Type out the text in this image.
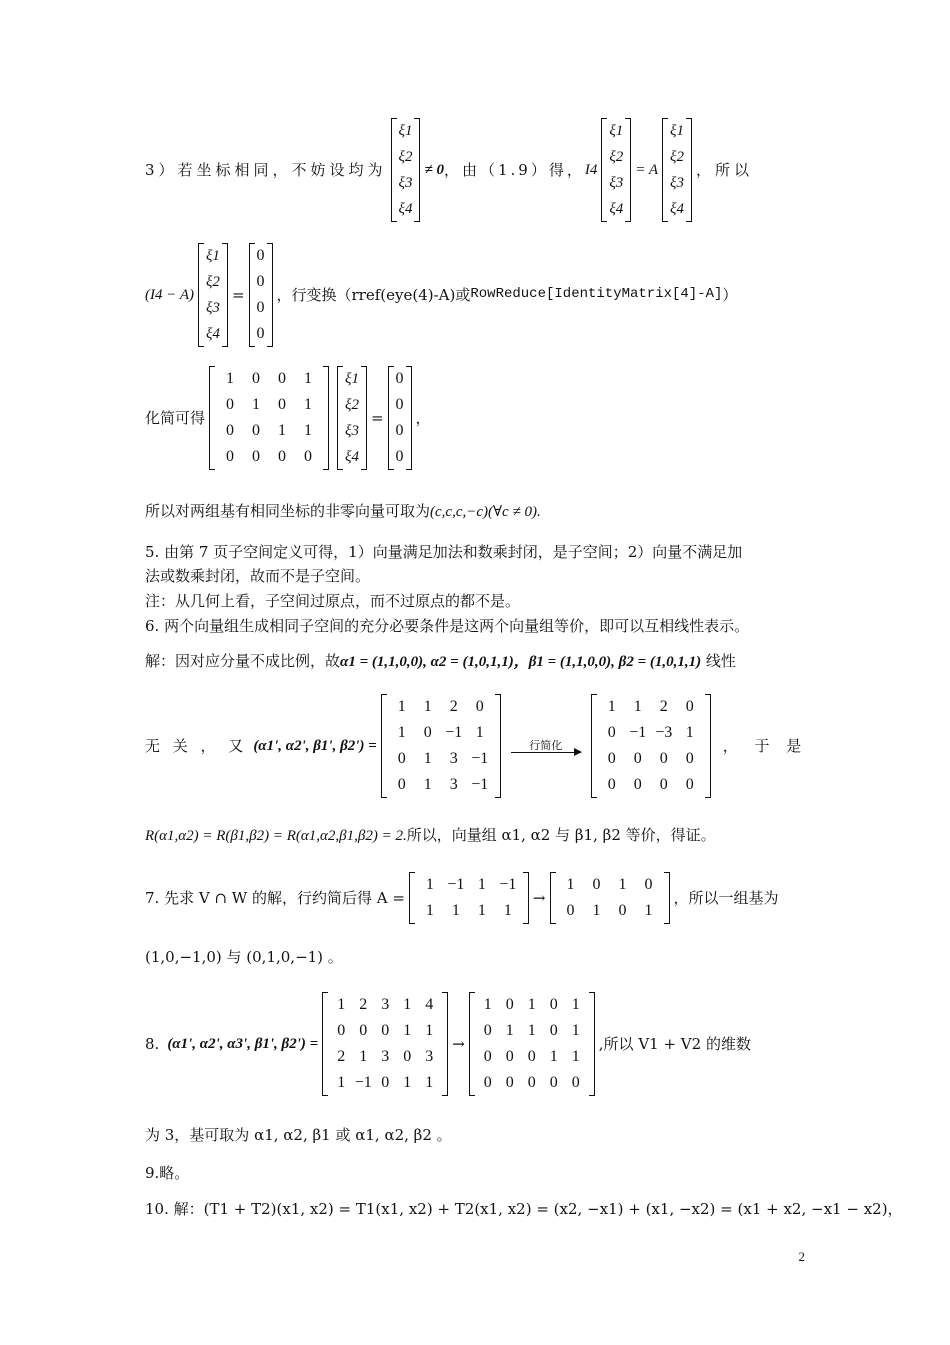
3）若坐标相同，不妨设均为
ξ1
ξ2
ξ3
ξ4
≠ 0 ，由（1.9）得， I4
ξ1
ξ2
ξ3
ξ4
= A
ξ1
ξ2
ξ3
ξ4
，所以
(I4 − A)
ξ1
ξ2
ξ3
ξ4
=
0
0
0
0
，行变换（rref(eye(4)-A)或 RowReduce[IdentityMatrix[4]-A] ）
化简可得
1 0 0 1
0 1 0 1
0 0 1 1
0 0 0 0
ξ1
ξ2
ξ3
ξ4
=
0
0
0
0
，
所以对两组基有相同坐标的非零向量可取为(c,c,c,−c)(∀c ≠ 0).
5. 由第 7 页子空间定义可得，1）向量满足加法和数乘封闭，是子空间；2）向量不满足加
法或数乘封闭，故而不是子空间。
注：从几何上看，子空间过原点，而不过原点的都不是。
6. 两个向量组生成相同子空间的充分必要条件是这两个向量组等价，即可以互相线性表示。
解：因对应分量不成比例，故α1 = (1,1,0,0), α2 = (1,0,1,1)，β1 = (1,1,0,0), β2 = (1,0,1,1) 线性
无 关 ， 又 (α1', α2', β1', β2') =
1 1 2 0
1 0 −1 1
0 1 3 −1
0 1 3 −1
行简化
1 1 2 0
0 −1 −3 1
0 0 0 0
0 0 0 0
， 于 是
R(α1,α2) = R(β1,β2) = R(α1,α2,β1,β2) = 2.所以，向量组 α1, α2 与 β1, β2 等价，得证。
7. 先求 V ∩ W 的解，行约简后得 A =
1 −1 1 −1
1 1 1 1
→
1 0 1 0
0 1 0 1
，所以一组基为
(1,0,−1,0) 与 (0,1,0,−1) 。
8. (α1', α2', α3', β1', β2') =
1 2 3 1 4
0 0 0 1 1
2 1 3 0 3
1 −1 0 1 1
→
1 0 1 0 1
0 1 1 0 1
0 0 0 1 1
0 0 0 0 0
,所以 V1 + V2 的维数
为 3，基可取为 α1, α2, β1 或 α1, α2, β2 。
9.略。
10. 解：(T1 + T2)(x1, x2) = T1(x1, x2) + T2(x1, x2) = (x2, −x1) + (x1, −x2) = (x1 + x2, −x1 − x2)，
2
